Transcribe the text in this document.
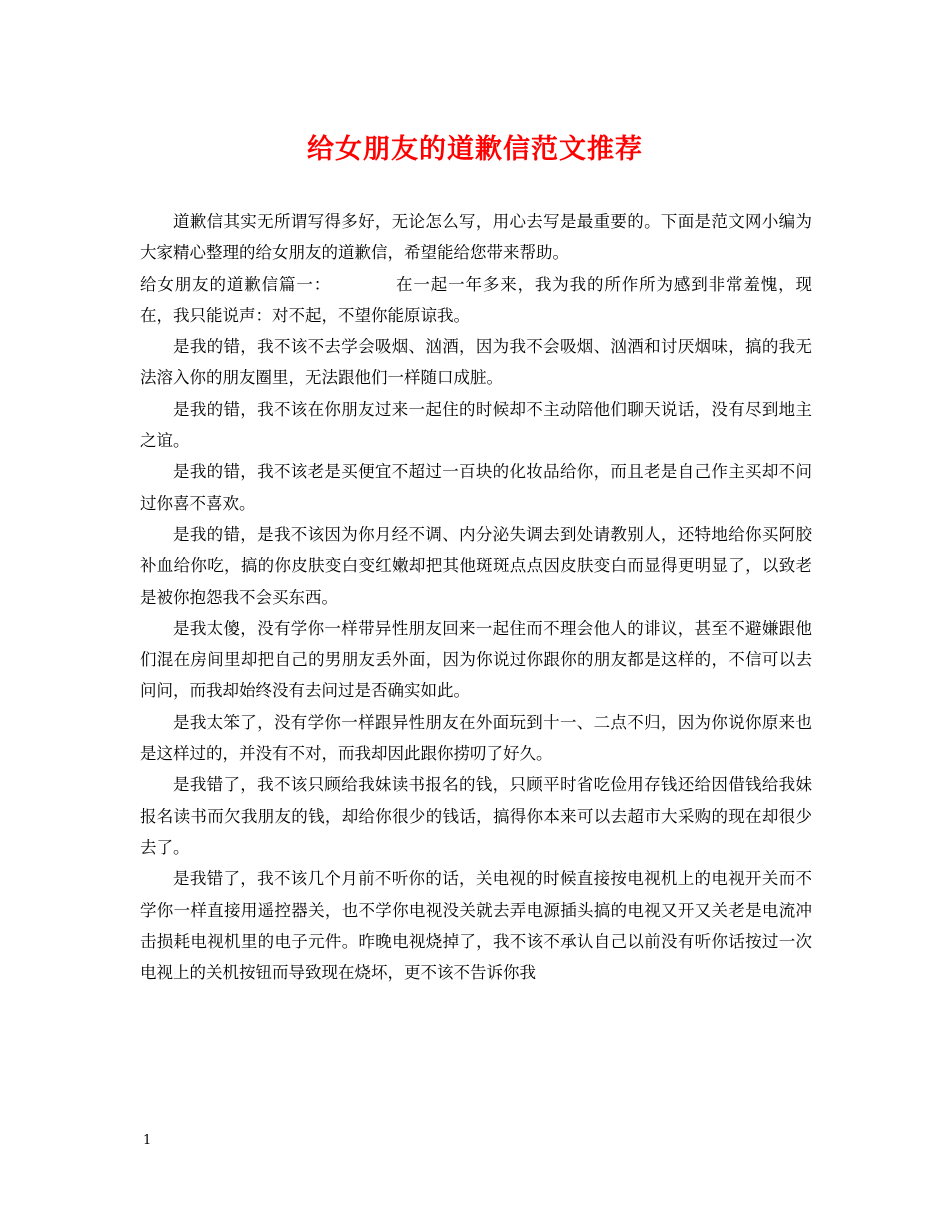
给女朋友的道歉信范文推荐

道歉信其实无所谓写得多好，无论怎么写，用心去写是最重要的。下面是范文网小编为大家精心整理的给女朋友的道歉信，希望能给您带来帮助。

给女朋友的道歉信篇一：	在一起一年多来，我为我的所作所为感到非常羞愧，现在，我只能说声：对不起，不望你能原谅我。

是我的错，我不该不去学会吸烟、汹酒，因为我不会吸烟、汹酒和讨厌烟味，搞的我无法溶入你的朋友圈里，无法跟他们一样随口成脏。

是我的错，我不该在你朋友过来一起住的时候却不主动陪他们聊天说话，没有尽到地主之谊。

是我的错，我不该老是买便宜不超过一百块的化妆品给你，而且老是自己作主买却不问过你喜不喜欢。

是我的错，是我不该因为你月经不调、内分泌失调去到处请教别人，还特地给你买阿胶补血给你吃，搞的你皮肤变白变红嫩却把其他斑斑点点因皮肤变白而显得更明显了，以致老是被你抱怨我不会买东西。

是我太傻，没有学你一样带异性朋友回来一起住而不理会他人的诽议，甚至不避嫌跟他们混在房间里却把自己的男朋友丢外面，因为你说过你跟你的朋友都是这样的，不信可以去问问，而我却始终没有去问过是否确实如此。

是我太笨了，没有学你一样跟异性朋友在外面玩到十一、二点不归，因为你说你原来也是这样过的，并没有不对，而我却因此跟你捞叨了好久。

是我错了，我不该只顾给我妹读书报名的钱，只顾平时省吃俭用存钱还给因借钱给我妹报名读书而欠我朋友的钱，却给你很少的钱话，搞得你本来可以去超市大采购的现在却很少去了。

是我错了，我不该几个月前不听你的话，关电视的时候直接按电视机上的电视开关而不学你一样直接用遥控器关，也不学你电视没关就去弄电源插头搞的电视又开又关老是电流冲击损耗电视机里的电子元件。昨晚电视烧掉了，我不该不承认自己以前没有听你话按过一次电视上的关机按钮而导致现在烧坏，更不该不告诉你我

1
